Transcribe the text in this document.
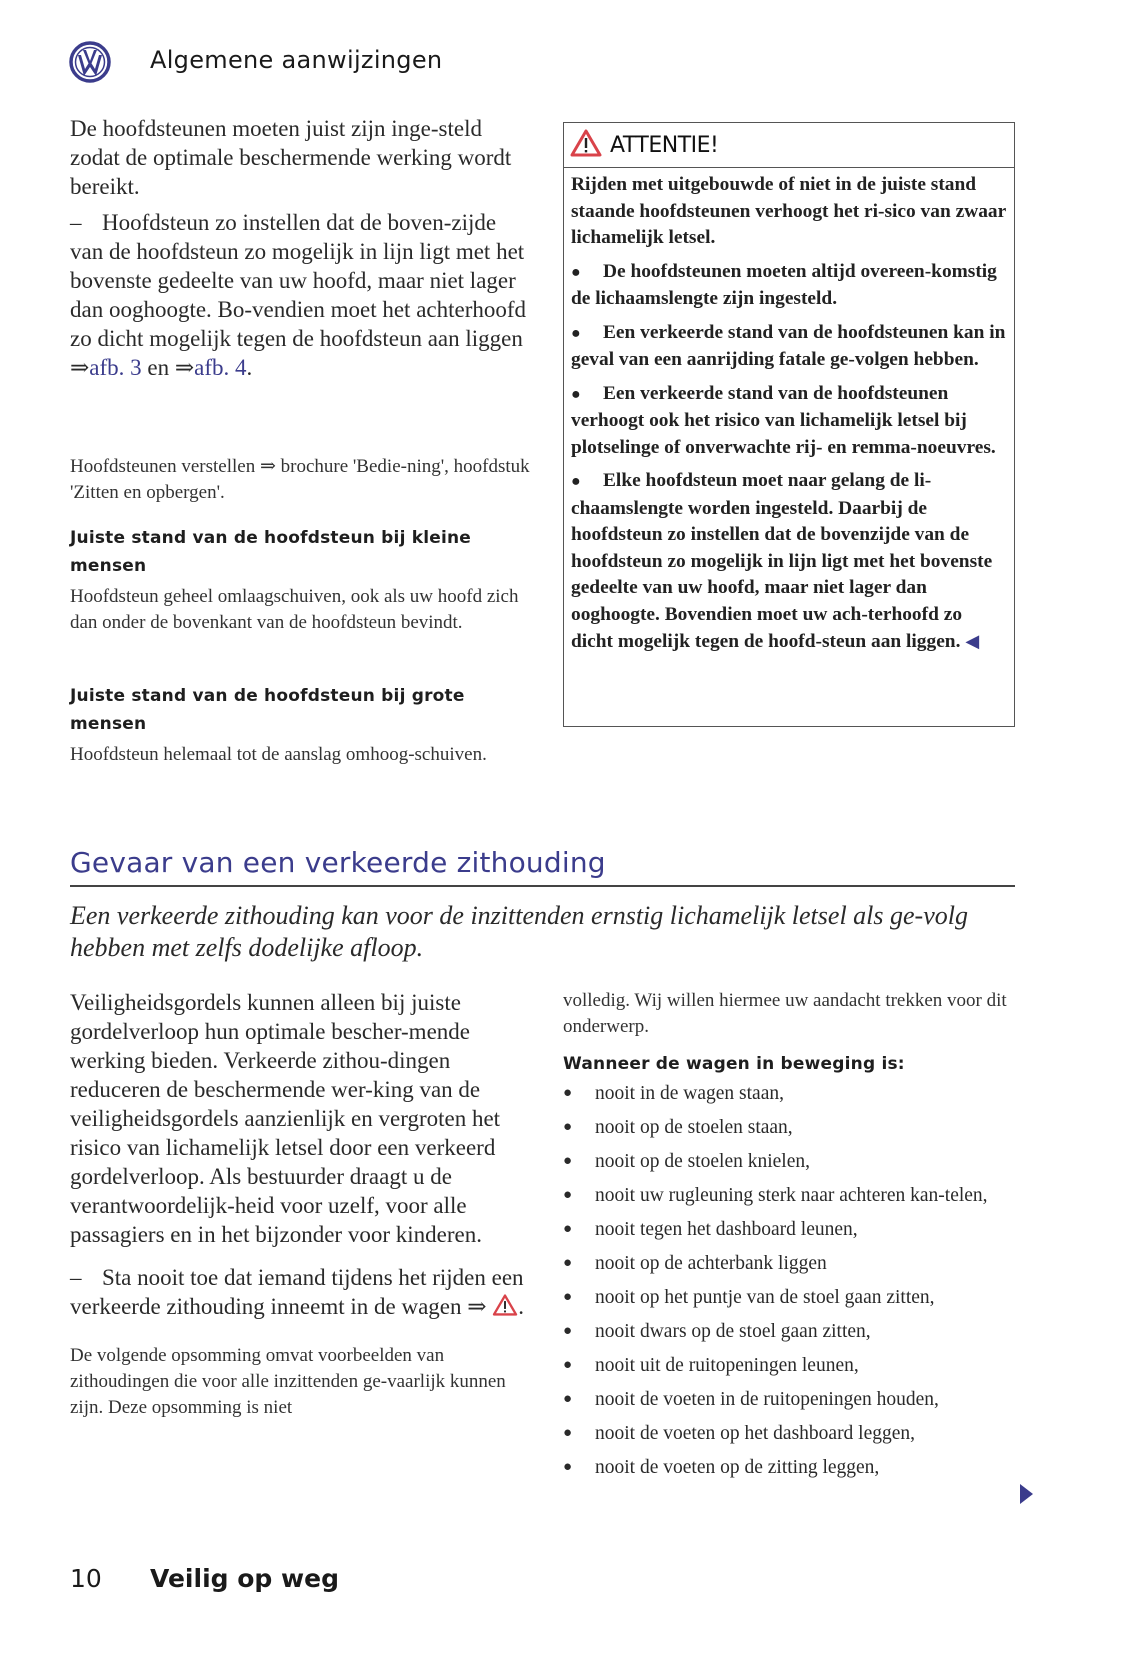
Algemene aanwijzingen
De hoofdsteunen moeten juist zijn inge-steld zodat de optimale beschermende werking wordt bereikt.
– Hoofdsteun zo instellen dat de boven-zijde van de hoofdsteun zo mogelijk in lijn ligt met het bovenste gedeelte van uw hoofd, maar niet lager dan ooghoogte. Bo-vendien moet het achterhoofd zo dicht mogelijk tegen de hoofdsteun aan liggen ⇒afb. 3 en ⇒afb. 4.
Hoofdsteunen verstellen ⇒ brochure 'Bedie-ning', hoofdstuk 'Zitten en opbergen'.
Juiste stand van de hoofdsteun bij kleine mensen
Hoofdsteun geheel omlaagschuiven, ook als uw hoofd zich dan onder de bovenkant van de hoofdsteun bevindt.
Juiste stand van de hoofdsteun bij grote mensen
Hoofdsteun helemaal tot de aanslag omhoog-schuiven.
ATTENTIE!

Rijden met uitgebouwde of niet in de juiste stand staande hoofdsteunen verhoogt het ri-sico van zwaar lichamelijk letsel.

● De hoofdsteunen moeten altijd overeen-komstig de lichaamslengte zijn ingesteld.

● Een verkeerde stand van de hoofdsteunen kan in geval van een aanrijding fatale ge-volgen hebben.

● Een verkeerde stand van de hoofdsteunen verhoogt ook het risico van lichamelijk letsel bij plotselinge of onverwachte rij- en remma-noeuvres.

● Elke hoofdsteun moet naar gelang de li-chaamslengte worden ingesteld. Daarbij de hoofdsteun zo instellen dat de bovenzijde van de hoofdsteun zo mogelijk in lijn ligt met het bovenste gedeelte van uw hoofd, maar niet lager dan ooghoogte. Bovendien moet uw ach-terhoofd zo dicht mogelijk tegen de hoofd-steun aan liggen. ◀

Gevaar van een verkeerde zithouding
Een verkeerde zithouding kan voor de inzittenden ernstig lichamelijk letsel als ge-volg hebben met zelfs dodelijke afloop.
Veiligheidsgordels kunnen alleen bij juiste gordelverloop hun optimale bescher-mende werking bieden. Verkeerde zithou-dingen reduceren de beschermende wer-king van de veiligheidsgordels aanzienlijk en vergroten het risico van lichamelijk letsel door een verkeerd gordelverloop. Als bestuurder draagt u de verantwoordelijk-heid voor uzelf, voor alle passagiers en in het bijzonder voor kinderen.
– Sta nooit toe dat iemand tijdens het rijden een verkeerde zithouding inneemt in de wagen ⇒ .
De volgende opsomming omvat voorbeelden van zithoudingen die voor alle inzittenden ge-vaarlijk kunnen zijn. Deze opsomming is niet
volledig. Wij willen hiermee uw aandacht trekken voor dit onderwerp.
Wanneer de wagen in beweging is:
● nooit in de wagen staan,
● nooit op de stoelen staan,
● nooit op de stoelen knielen,
● nooit uw rugleuning sterk naar achteren kan-telen,
● nooit tegen het dashboard leunen,
● nooit op de achterbank liggen
● nooit op het puntje van de stoel gaan zitten,
● nooit dwars op de stoel gaan zitten,
● nooit uit de ruitopeningen leunen,
● nooit de voeten in de ruitopeningen houden,
● nooit de voeten op het dashboard leggen,
● nooit de voeten op de zitting leggen,
10 Veilig op weg
